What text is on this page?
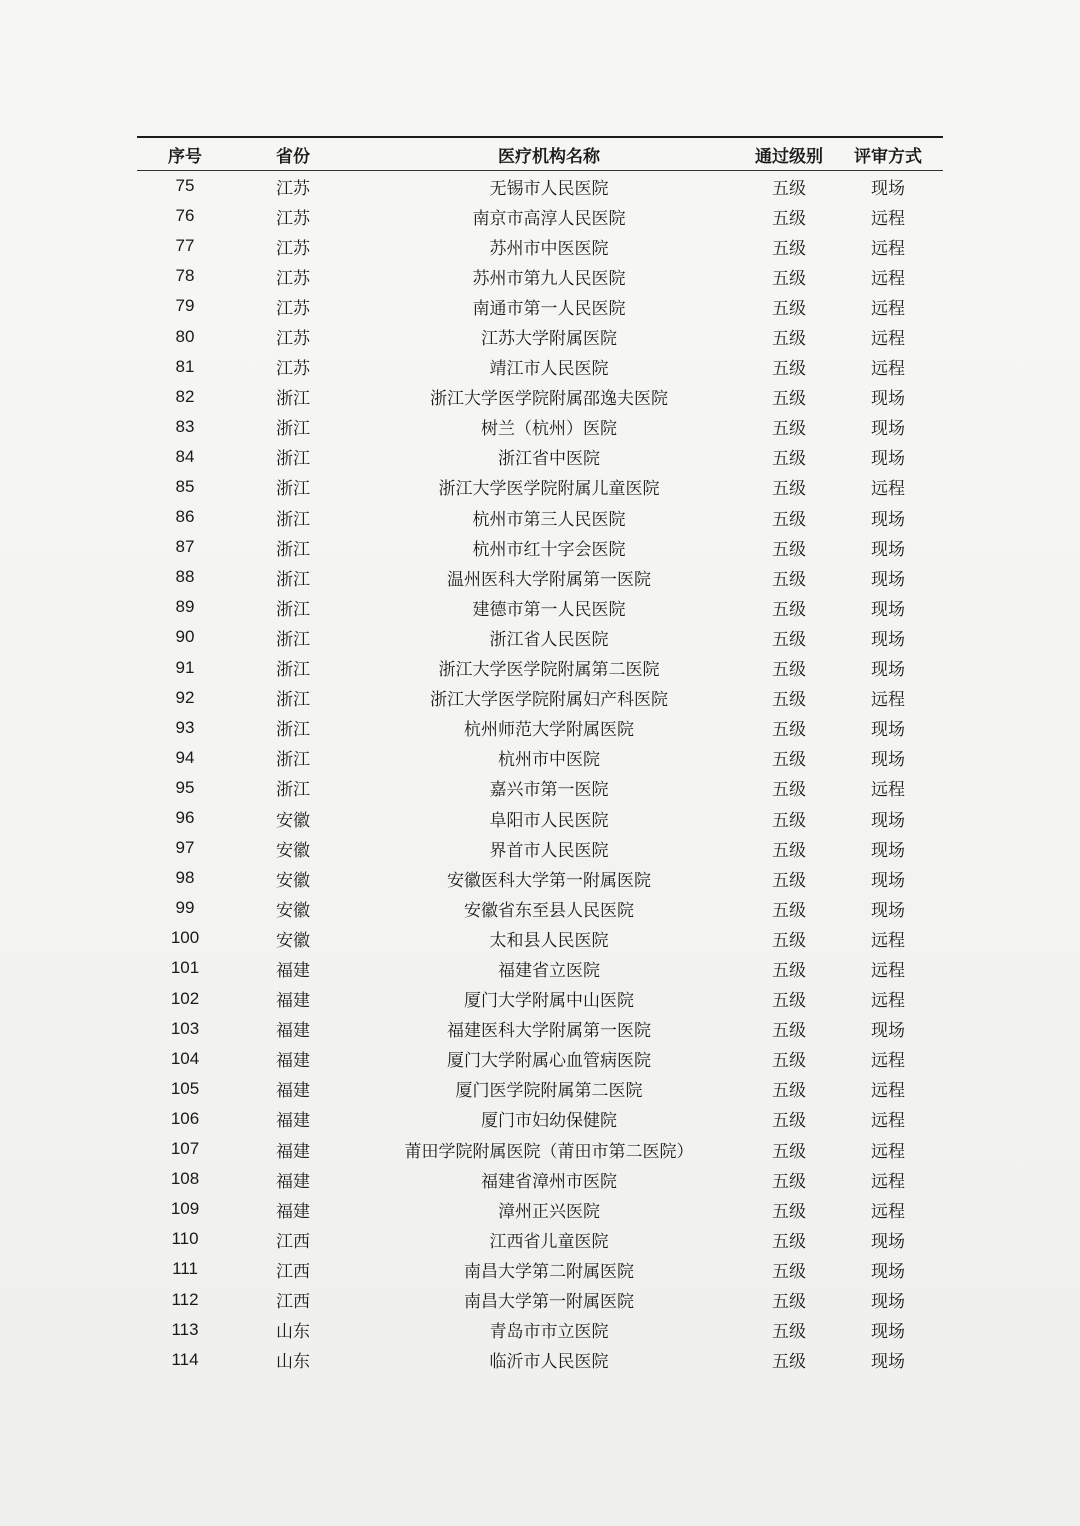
序号	省份	医疗机构名称	通过级别	评审方式
75	江苏	无锡市人民医院	五级	现场
76	江苏	南京市高淳人民医院	五级	远程
77	江苏	苏州市中医医院	五级	远程
78	江苏	苏州市第九人民医院	五级	远程
79	江苏	南通市第一人民医院	五级	远程
80	江苏	江苏大学附属医院	五级	远程
81	江苏	靖江市人民医院	五级	远程
82	浙江	浙江大学医学院附属邵逸夫医院	五级	现场
83	浙江	树兰（杭州）医院	五级	现场
84	浙江	浙江省中医院	五级	现场
85	浙江	浙江大学医学院附属儿童医院	五级	远程
86	浙江	杭州市第三人民医院	五级	现场
87	浙江	杭州市红十字会医院	五级	现场
88	浙江	温州医科大学附属第一医院	五级	现场
89	浙江	建德市第一人民医院	五级	现场
90	浙江	浙江省人民医院	五级	现场
91	浙江	浙江大学医学院附属第二医院	五级	现场
92	浙江	浙江大学医学院附属妇产科医院	五级	远程
93	浙江	杭州师范大学附属医院	五级	现场
94	浙江	杭州市中医院	五级	现场
95	浙江	嘉兴市第一医院	五级	远程
96	安徽	阜阳市人民医院	五级	现场
97	安徽	界首市人民医院	五级	现场
98	安徽	安徽医科大学第一附属医院	五级	现场
99	安徽	安徽省东至县人民医院	五级	现场
100	安徽	太和县人民医院	五级	远程
101	福建	福建省立医院	五级	远程
102	福建	厦门大学附属中山医院	五级	远程
103	福建	福建医科大学附属第一医院	五级	现场
104	福建	厦门大学附属心血管病医院	五级	远程
105	福建	厦门医学院附属第二医院	五级	远程
106	福建	厦门市妇幼保健院	五级	远程
107	福建	莆田学院附属医院（莆田市第二医院）	五级	远程
108	福建	福建省漳州市医院	五级	远程
109	福建	漳州正兴医院	五级	远程
110	江西	江西省儿童医院	五级	现场
111	江西	南昌大学第二附属医院	五级	现场
112	江西	南昌大学第一附属医院	五级	现场
113	山东	青岛市市立医院	五级	现场
114	山东	临沂市人民医院	五级	现场
